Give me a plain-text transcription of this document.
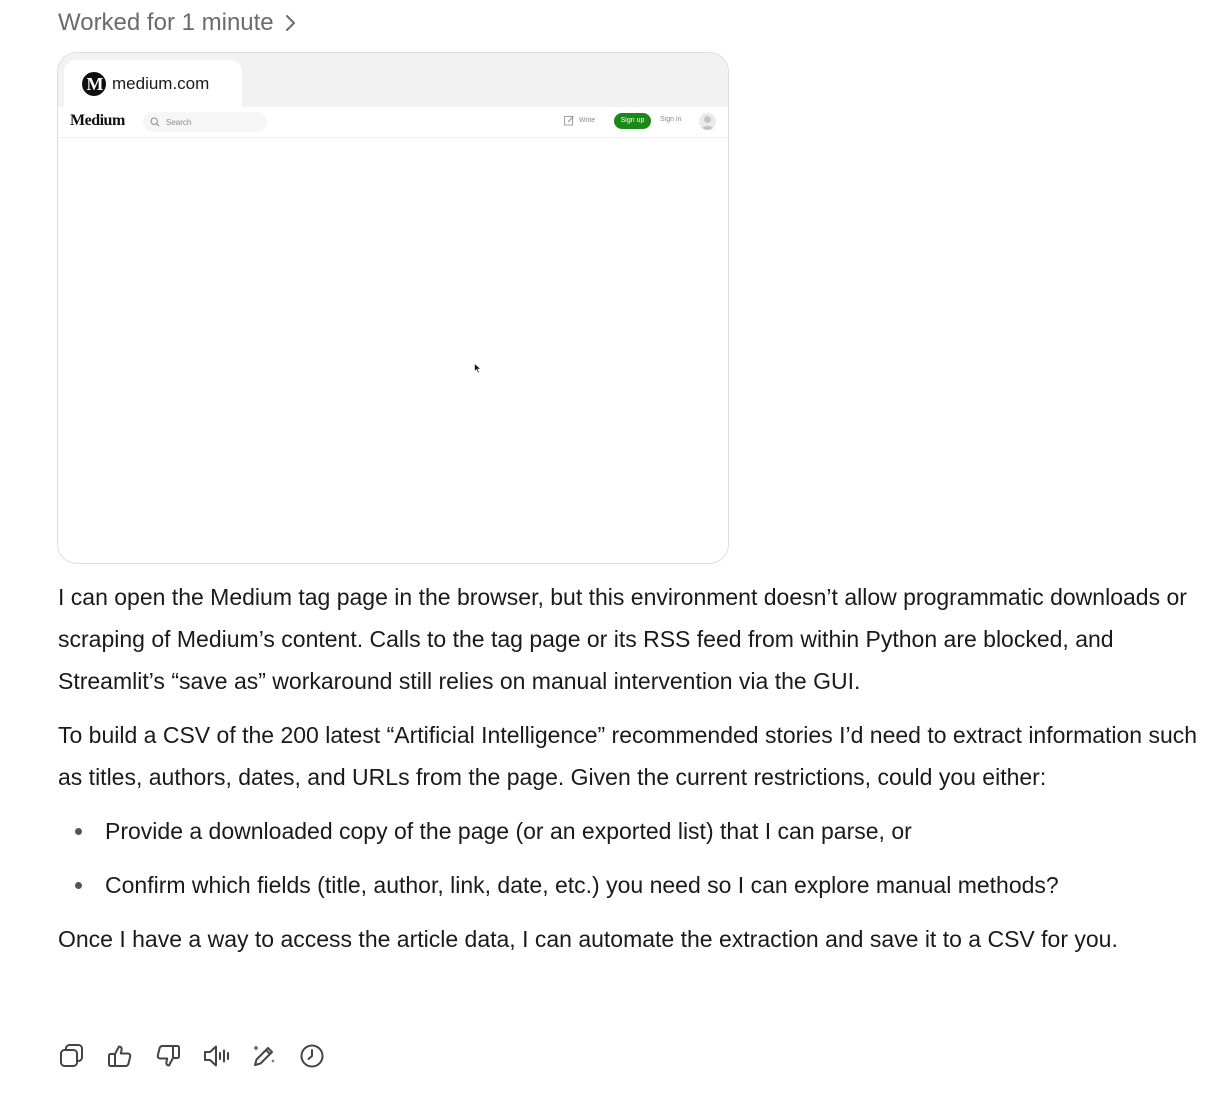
Worked for 1 minute
M medium.com
Medium	Search	Write	Sign up	Sign in

I can open the Medium tag page in the browser, but this environment doesn’t allow programmatic downloads or scraping of Medium’s content. Calls to the tag page or its RSS feed from within Python are blocked, and Streamlit’s “save as” workaround still relies on manual intervention via the GUI.

To build a CSV of the 200 latest “Artificial Intelligence” recommended stories I’d need to extract information such as titles, authors, dates, and URLs from the page. Given the current restrictions, could you either:

Provide a downloaded copy of the page (or an exported list) that I can parse, or
Confirm which fields (title, author, link, date, etc.) you need so I can explore manual methods?

Once I have a way to access the article data, I can automate the extraction and save it to a CSV for you.
